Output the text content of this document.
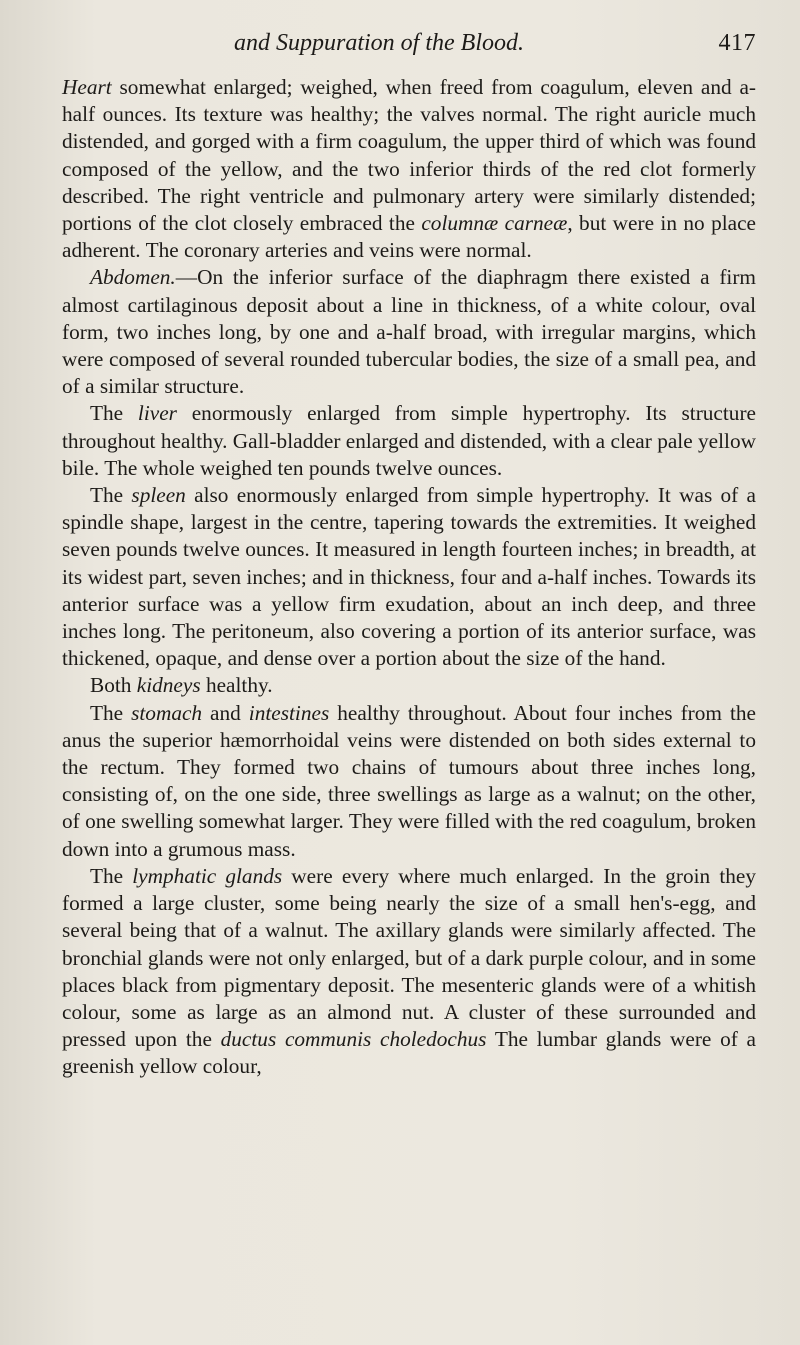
and Suppuration of the Blood.	417

Heart somewhat enlarged; weighed, when freed from coagulum, eleven and a-half ounces. Its texture was healthy; the valves normal. The right auricle much distended, and gorged with a firm coagulum, the upper third of which was found composed of the yellow, and the two inferior thirds of the red clot formerly described. The right ventricle and pulmonary artery were similarly distended; portions of the clot closely embraced the columnæ carneæ, but were in no place adherent. The coronary arteries and veins were normal.

Abdomen.—On the inferior surface of the diaphragm there existed a firm almost cartilaginous deposit about a line in thickness, of a white colour, oval form, two inches long, by one and a-half broad, with irregular margins, which were composed of several rounded tubercular bodies, the size of a small pea, and of a similar structure.

The liver enormously enlarged from simple hypertrophy. Its structure throughout healthy. Gall-bladder enlarged and distended, with a clear pale yellow bile. The whole weighed ten pounds twelve ounces.

The spleen also enormously enlarged from simple hypertrophy. It was of a spindle shape, largest in the centre, tapering towards the extremities. It weighed seven pounds twelve ounces. It measured in length fourteen inches; in breadth, at its widest part, seven inches; and in thickness, four and a-half inches. Towards its anterior surface was a yellow firm exudation, about an inch deep, and three inches long. The peritoneum, also covering a portion of its anterior surface, was thickened, opaque, and dense over a portion about the size of the hand.

Both kidneys healthy.

The stomach and intestines healthy throughout. About four inches from the anus the superior hæmorrhoidal veins were distended on both sides external to the rectum. They formed two chains of tumours about three inches long, consisting of, on the one side, three swellings as large as a walnut; on the other, of one swelling somewhat larger. They were filled with the red coagulum, broken down into a grumous mass.

The lymphatic glands were every where much enlarged. In the groin they formed a large cluster, some being nearly the size of a small hen's-egg, and several being that of a walnut. The axillary glands were similarly affected. The bronchial glands were not only enlarged, but of a dark purple colour, and in some places black from pigmentary deposit. The mesenteric glands were of a whitish colour, some as large as an almond nut. A cluster of these surrounded and pressed upon the ductus communis choledochus The lumbar glands were of a greenish yellow colour,
